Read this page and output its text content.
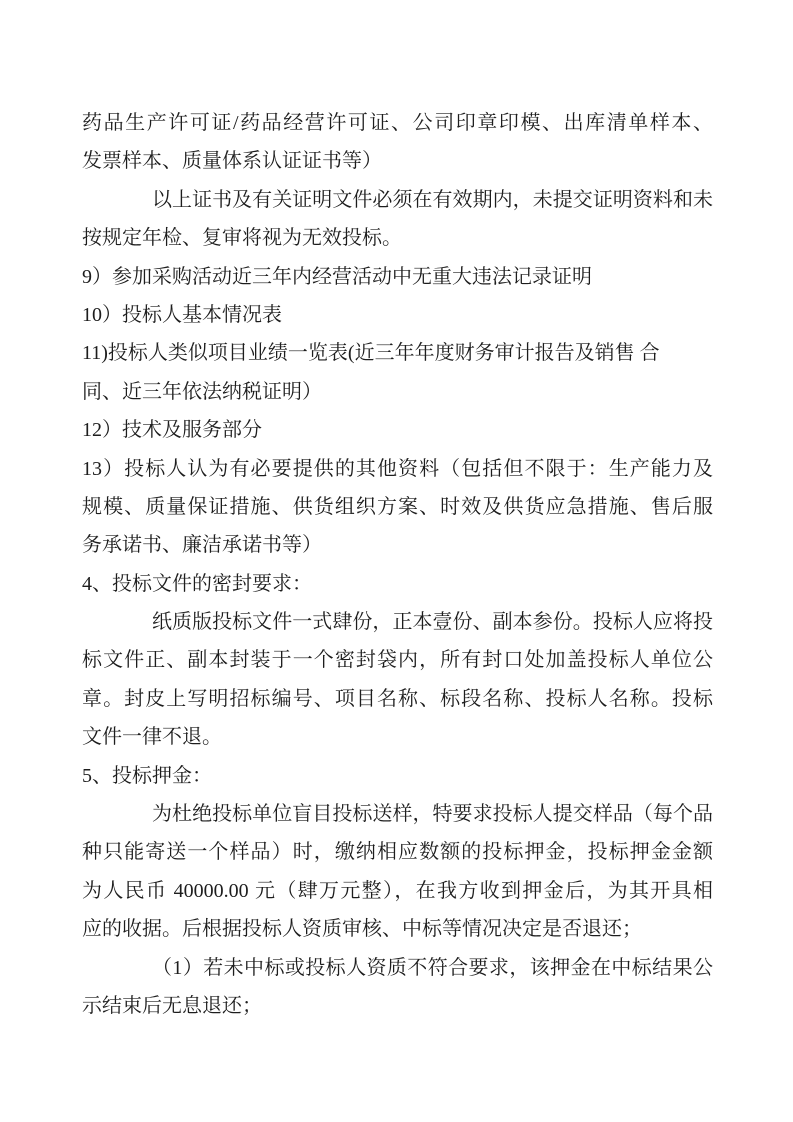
药品生产许可证/药品经营许可证、公司印章印模、出库清单样本、
发票样本、质量体系认证证书等）
以上证书及有关证明文件必须在有效期内，未提交证明资料和未
按规定年检、复审将视为无效投标。
9）参加采购活动近三年内经营活动中无重大违法记录证明
10）投标人基本情况表
11)投标人类似项目业绩一览表(近三年年度财务审计报告及销售 合
同、近三年依法纳税证明）
12）技术及服务部分
13）投标人认为有必要提供的其他资料（包括但不限于：生产能力及
规模、质量保证措施、供货组织方案、时效及供货应急措施、售后服
务承诺书、廉洁承诺书等）
4、投标文件的密封要求：
纸质版投标文件一式肆份，正本壹份、副本参份。投标人应将投
标文件正、副本封装于一个密封袋内，所有封口处加盖投标人单位公
章。封皮上写明招标编号、项目名称、标段名称、投标人名称。投标
文件一律不退。
5、投标押金：
为杜绝投标单位盲目投标送样，特要求投标人提交样品（每个品
种只能寄送一个样品）时，缴纳相应数额的投标押金，投标押金金额
为人民币 40000.00 元（肆万元整），在我方收到押金后，为其开具相
应的收据。后根据投标人资质审核、中标等情况决定是否退还；
（1）若未中标或投标人资质不符合要求，该押金在中标结果公
示结束后无息退还；
